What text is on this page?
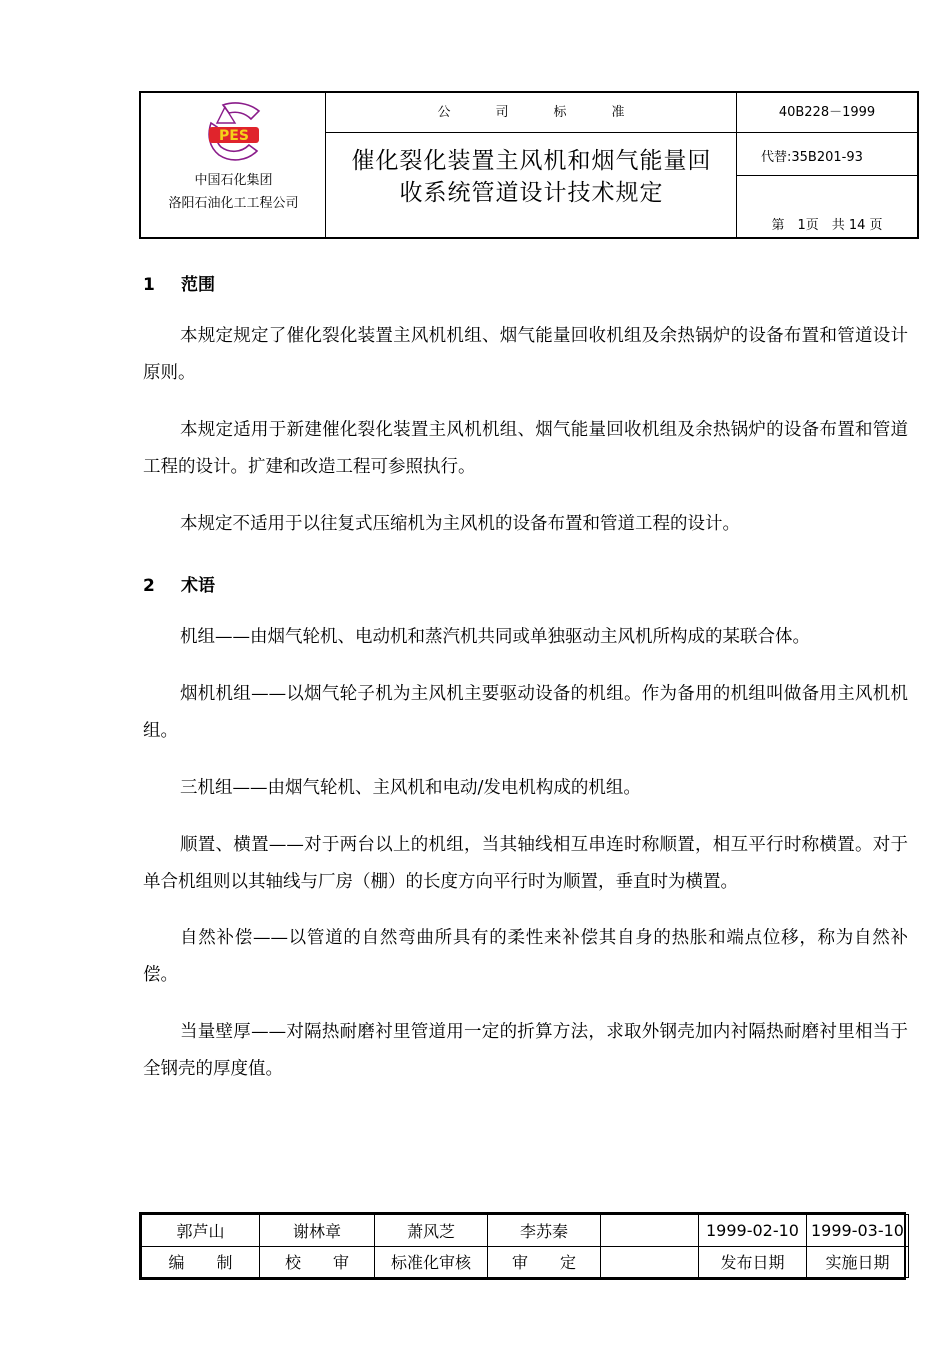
PES
中国石化集团
洛阳石油化工工程公司
公	司	标	准
催化裂化装置主风机和烟气能量回
收系统管道设计技术规定
40B228－1999
代替:35B201-93
第　1页　共 14 页
1 范围
本规定规定了催化裂化装置主风机机组、烟气能量回收机组及余热锅炉的设备布置和管道设计原则。
本规定适用于新建催化裂化装置主风机机组、烟气能量回收机组及余热锅炉的设备布置和管道工程的设计。扩建和改造工程可参照执行。
本规定不适用于以往复式压缩机为主风机的设备布置和管道工程的设计。
2 术语
机组——由烟气轮机、电动机和蒸汽机共同或单独驱动主风机所构成的某联合体。
烟机机组——以烟气轮子机为主风机主要驱动设备的机组。作为备用的机组叫做备用主风机机组。
三机组——由烟气轮机、主风机和电动/发电机构成的机组。
顺置、横置——对于两台以上的机组，当其轴线相互串连时称顺置，相互平行时称横置。对于单合机组则以其轴线与厂房（棚）的长度方向平行时为顺置，垂直时为横置。
自然补偿——以管道的自然弯曲所具有的柔性来补偿其自身的热胀和端点位移，称为自然补偿。
当量壁厚——对隔热耐磨衬里管道用一定的折算方法，求取外钢壳加内衬隔热耐磨衬里相当于全钢壳的厚度值。
郭芦山	谢林章	萧风芝	李苏秦		1999-02-10	1999-03-10
编　　制	校　　审	标准化审核	审　　定		发布日期	实施日期
